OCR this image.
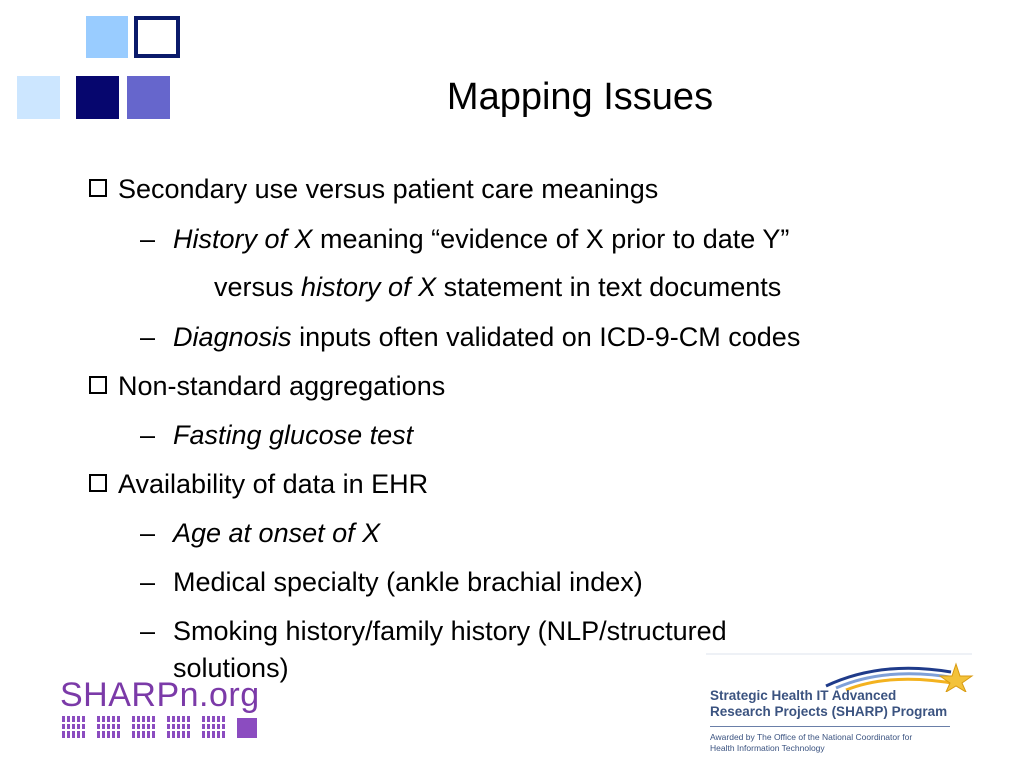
Mapping Issues
Secondary use versus patient care meanings
– History of X meaning “evidence of X prior to date Y”
versus history of X statement in text documents
– Diagnosis inputs often validated on ICD-9-CM codes
Non-standard aggregations
– Fasting glucose test
Availability of data in EHR
– Age at onset of X
– Medical specialty (ankle brachial index)
– Smoking history/family history (NLP/structured
solutions)
SHARPn.org	Strategic Health IT Advanced
Research Projects (SHARP) Program
Awarded by The Office of the National Coordinator for
Health Information Technology
